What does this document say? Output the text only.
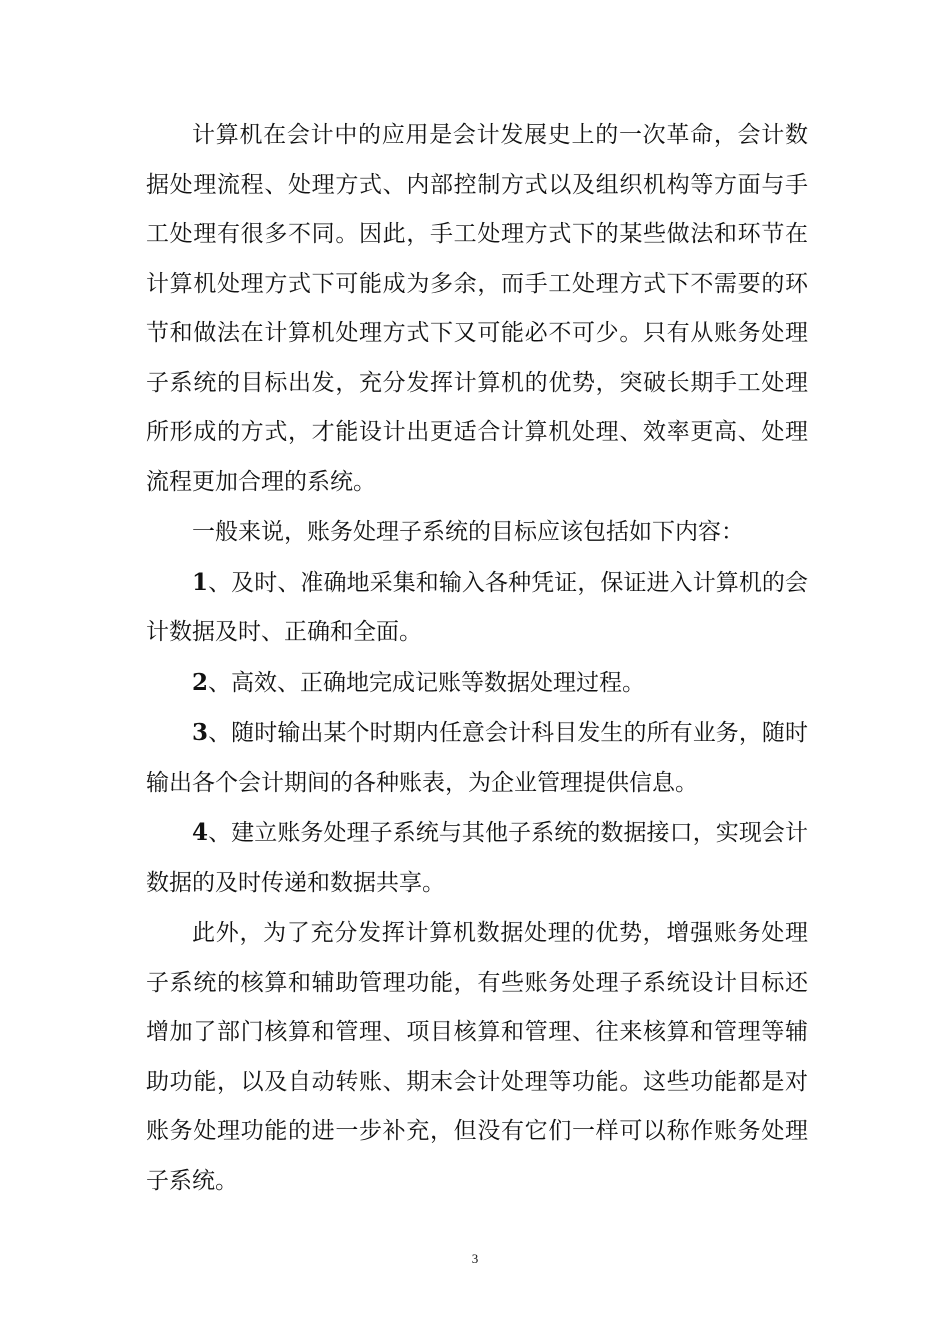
计算机在会计中的应用是会计发展史上的一次革命，会计数据处理流程、处理方式、内部控制方式以及组织机构等方面与手工处理有很多不同。因此，手工处理方式下的某些做法和环节在计算机处理方式下可能成为多余，而手工处理方式下不需要的环节和做法在计算机处理方式下又可能必不可少。只有从账务处理子系统的目标出发，充分发挥计算机的优势，突破长期手工处理所形成的方式，才能设计出更适合计算机处理、效率更高、处理流程更加合理的系统。

一般来说，账务处理子系统的目标应该包括如下内容：

1、及时、准确地采集和输入各种凭证，保证进入计算机的会计数据及时、正确和全面。

2、高效、正确地完成记账等数据处理过程。

3、随时输出某个时期内任意会计科目发生的所有业务，随时输出各个会计期间的各种账表，为企业管理提供信息。

4、建立账务处理子系统与其他子系统的数据接口，实现会计数据的及时传递和数据共享。

此外，为了充分发挥计算机数据处理的优势，增强账务处理子系统的核算和辅助管理功能，有些账务处理子系统设计目标还增加了部门核算和管理、项目核算和管理、往来核算和管理等辅助功能，以及自动转账、期末会计处理等功能。这些功能都是对账务处理功能的进一步补充，但没有它们一样可以称作账务处理子系统。

3
